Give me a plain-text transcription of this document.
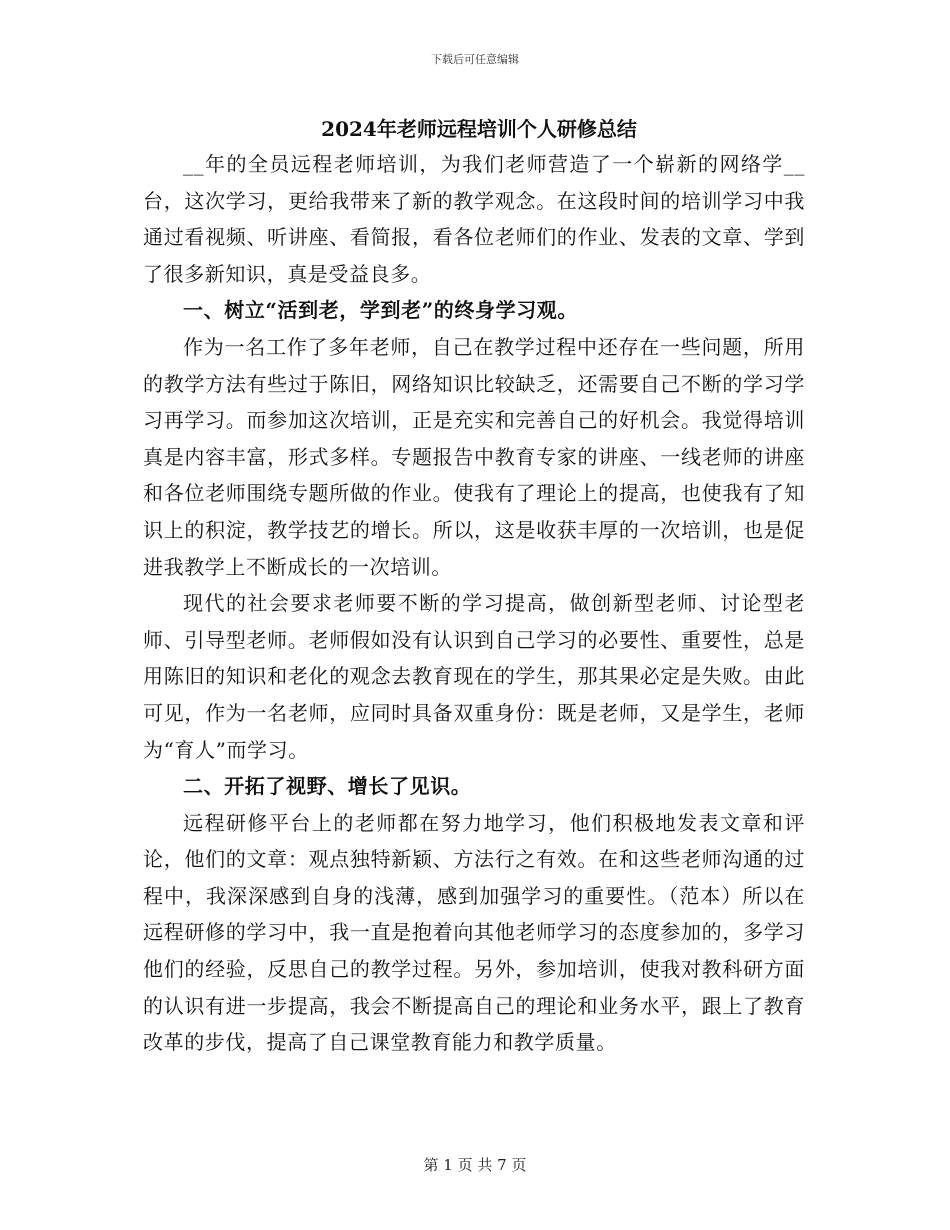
下载后可任意编辑
2024年老师远程培训个人研修总结

__年的全员远程老师培训，为我们老师营造了一个崭新的网络学__台，这次学习，更给我带来了新的教学观念。在这段时间的培训学习中我通过看视频、听讲座、看简报，看各位老师们的作业、发表的文章、学到了很多新知识，真是受益良多。

一、树立“活到老，学到老”的终身学习观。

作为一名工作了多年老师，自己在教学过程中还存在一些问题，所用的教学方法有些过于陈旧，网络知识比较缺乏，还需要自己不断的学习学习再学习。而参加这次培训，正是充实和完善自己的好机会。我觉得培训真是内容丰富，形式多样。专题报告中教育专家的讲座、一线老师的讲座和各位老师围绕专题所做的作业。使我有了理论上的提高，也使我有了知识上的积淀，教学技艺的增长。所以，这是收获丰厚的一次培训，也是促进我教学上不断成长的一次培训。

现代的社会要求老师要不断的学习提高，做创新型老师、讨论型老师、引导型老师。老师假如没有认识到自己学习的必要性、重要性，总是用陈旧的知识和老化的观念去教育现在的学生，那其果必定是失败。由此可见，作为一名老师，应同时具备双重身份：既是老师，又是学生，老师为“育人”而学习。

二、开拓了视野、增长了见识。

远程研修平台上的老师都在努力地学习，他们积极地发表文章和评论，他们的文章：观点独特新颖、方法行之有效。在和这些老师沟通的过程中，我深深感到自身的浅薄，感到加强学习的重要性。（范本）所以在远程研修的学习中，我一直是抱着向其他老师学习的态度参加的，多学习他们的经验，反思自己的教学过程。另外，参加培训，使我对教科研方面的认识有进一步提高，我会不断提高自己的理论和业务水平，跟上了教育改革的步伐，提高了自己课堂教育能力和教学质量。

第 1 页 共 7 页
